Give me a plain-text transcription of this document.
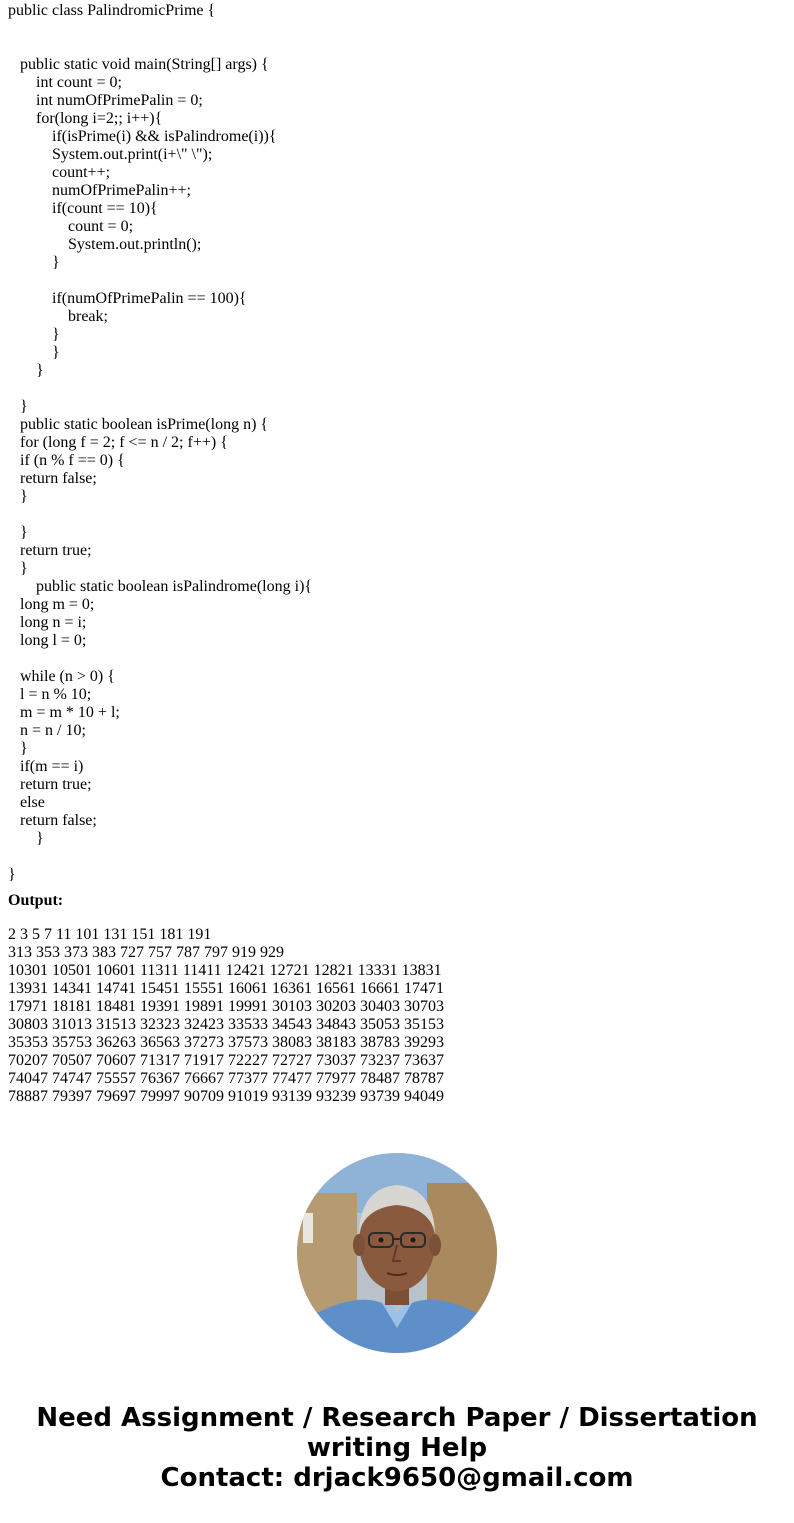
public class PalindromicPrime {
public static void main(String[] args) {
int count = 0;
int numOfPrimePalin = 0;
for(long i=2;; i++){
if(isPrime(i) && isPalindrome(i)){
System.out.print(i+\" \");
count++;
numOfPrimePalin++;
if(count == 10){
count = 0;
System.out.println();
}
if(numOfPrimePalin == 100){
break;
}
}
}
}
public static boolean isPrime(long n) {
for (long f = 2; f <= n / 2; f++) {
if (n % f == 0) {
return false;
}
}
return true;
}
public static boolean isPalindrome(long i){
long m = 0;
long n = i;
long l = 0;
while (n > 0) {
l = n % 10;
m = m * 10 + l;
n = n / 10;
}
if(m == i)
return true;
else
return false;
}
}

Output:

2 3 5 7 11 101 131 151 181 191
313 353 373 383 727 757 787 797 919 929
10301 10501 10601 11311 11411 12421 12721 12821 13331 13831
13931 14341 14741 15451 15551 16061 16361 16561 16661 17471
17971 18181 18481 19391 19891 19991 30103 30203 30403 30703
30803 31013 31513 32323 32423 33533 34543 34843 35053 35153
35353 35753 36263 36563 37273 37573 38083 38183 38783 39293
70207 70507 70607 71317 71917 72227 72727 73037 73237 73637
74047 74747 75557 76367 76667 77377 77477 77977 78487 78787
78887 79397 79697 79997 90709 91019 93139 93239 93739 94049

Need Assignment / Research Paper / Dissertation
writing Help
Contact: drjack9650@gmail.com
